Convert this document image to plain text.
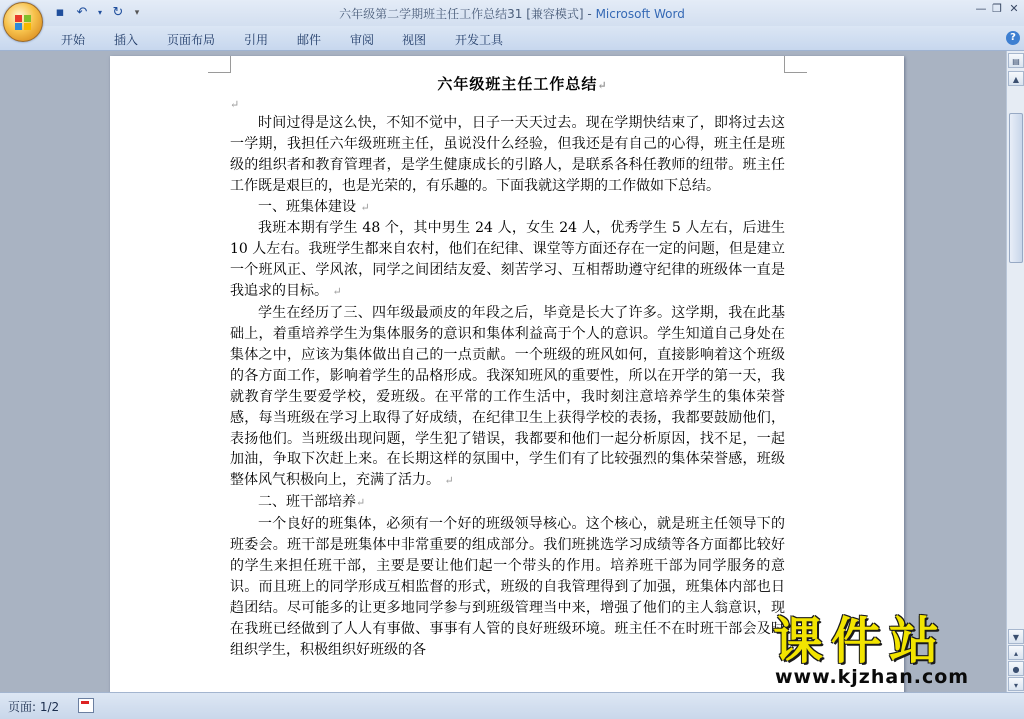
▪ ↶	▾ ↻	▾	六年级第二学期班主任工作总结31 [兼容模式] - Microsoft Word	— ❐ ✕
开始 插入 页面布局 引用 邮件 审阅 视图 开发工具	?
六年级班主任工作总结↵
↵

时间过得是这么快，不知不觉中，日子一天天过去。现在学期快结束了，即将过去这一学期，我担任六年级班班主任，虽说没什么经验，但我还是有自己的心得，班主任是班级的组织者和教育管理者，是学生健康成长的引路人，是联系各科任教师的纽带。班主任工作既是艰巨的，也是光荣的，有乐趣的。下面我就这学期的工作做如下总结。

一、班集体建设 ↵

我班本期有学生 48 个，其中男生 24 人，女生 24 人，优秀学生 5 人左右，后进生 10 人左右。我班学生都来自农村，他们在纪律、课堂等方面还存在一定的问题，但是建立一个班风正、学风浓，同学之间团结友爱、刻苦学习、互相帮助遵守纪律的班级体一直是我追求的目标。 ↵

学生在经历了三、四年级最顽皮的年段之后，毕竟是长大了许多。这学期，我在此基础上，着重培养学生为集体服务的意识和集体利益高于个人的意识。学生知道自己身处在集体之中，应该为集体做出自己的一点贡献。一个班级的班风如何，直接影响着这个班级的各方面工作，影响着学生的品格形成。我深知班风的重要性，所以在开学的第一天，我就教育学生要爱学校，爱班级。在平常的工作生活中，我时刻注意培养学生的集体荣誉感，每当班级在学习上取得了好成绩，在纪律卫生上获得学校的表扬，我都要鼓励他们，表扬他们。当班级出现问题，学生犯了错误，我都要和他们一起分析原因，找不足，一起加油，争取下次赶上来。在长期这样的氛围中，学生们有了比较强烈的集体荣誉感，班级整体风气积极向上，充满了活力。 ↵

二、班干部培养↵

一个良好的班集体，必须有一个好的班级领导核心。这个核心，就是班主任领导下的班委会。班干部是班集体中非常重要的组成部分。我们班挑选学习成绩等各方面都比较好的学生来担任班干部，主要是要让他们起一个带头的作用。培养班干部为同学服务的意识。而且班上的同学形成互相监督的形式，班级的自我管理得到了加强，班集体内部也日趋团结。尽可能多的让更多地同学参与到班级管理当中来，增强了他们的主人翁意识，现在我班已经做到了人人有事做、事事有人管的良好班级环境。班主任不在时班干部会及时组织学生，积极组织好班级的各

▤
▲
▼
▴
●
▾
页面: 1/2
课件站
www.kjzhan.com
